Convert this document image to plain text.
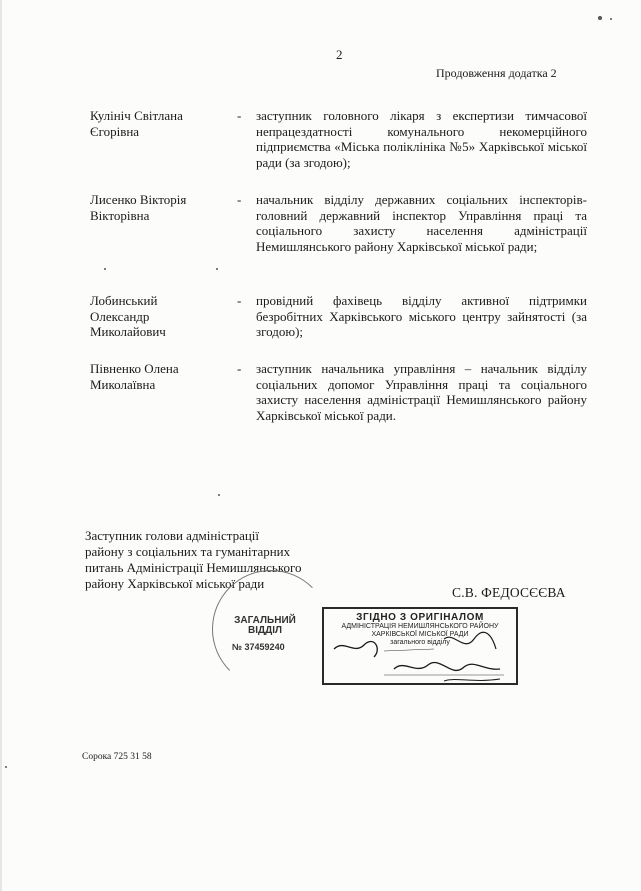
2
Продовження додатка 2
Кулініч Світлана
Єгорівна
- заступник головного лікаря з експертизи тимчасової непрацездатності комунального некомерційного підприємства «Міська поліклініка №5» Харківської міської ради (за згодою);
Лисенко Вікторія
Вікторівна
- начальник відділу державних соціальних інспекторів-головний державний інспектор Управління праці та соціального захисту населення адміністрації Немишлянського району Харківської міської ради;
Лобинський
Олександр
Миколайович
- провідний фахівець відділу активної підтримки безробітних Харківського міського центру зайнятості (за згодою);
Півненко Олена
Миколаївна
- заступник начальника управління – начальник відділу соціальних допомог Управління праці та соціального захисту населення адміністрації Немишлянського району Харківської міської ради.
Заступник голови адміністрації
району з соціальних та гуманітарних
питань Адміністрації Немишлянського
району Харківської міської ради
С.В. ФЕДОСЄЄВА
ЗАГАЛЬНИЙ ВІДДІЛ
№ 37459240
ЗГІДНО З ОРИГІНАЛОМ
АДМІНІСТРАЦІЯ НЕМИШЛЯНСЬКОГО РАЙОНУ
ХАРКІВСЬКОЇ МІСЬКОЇ РАДИ
загального відділу
Сорока 725 31 58
